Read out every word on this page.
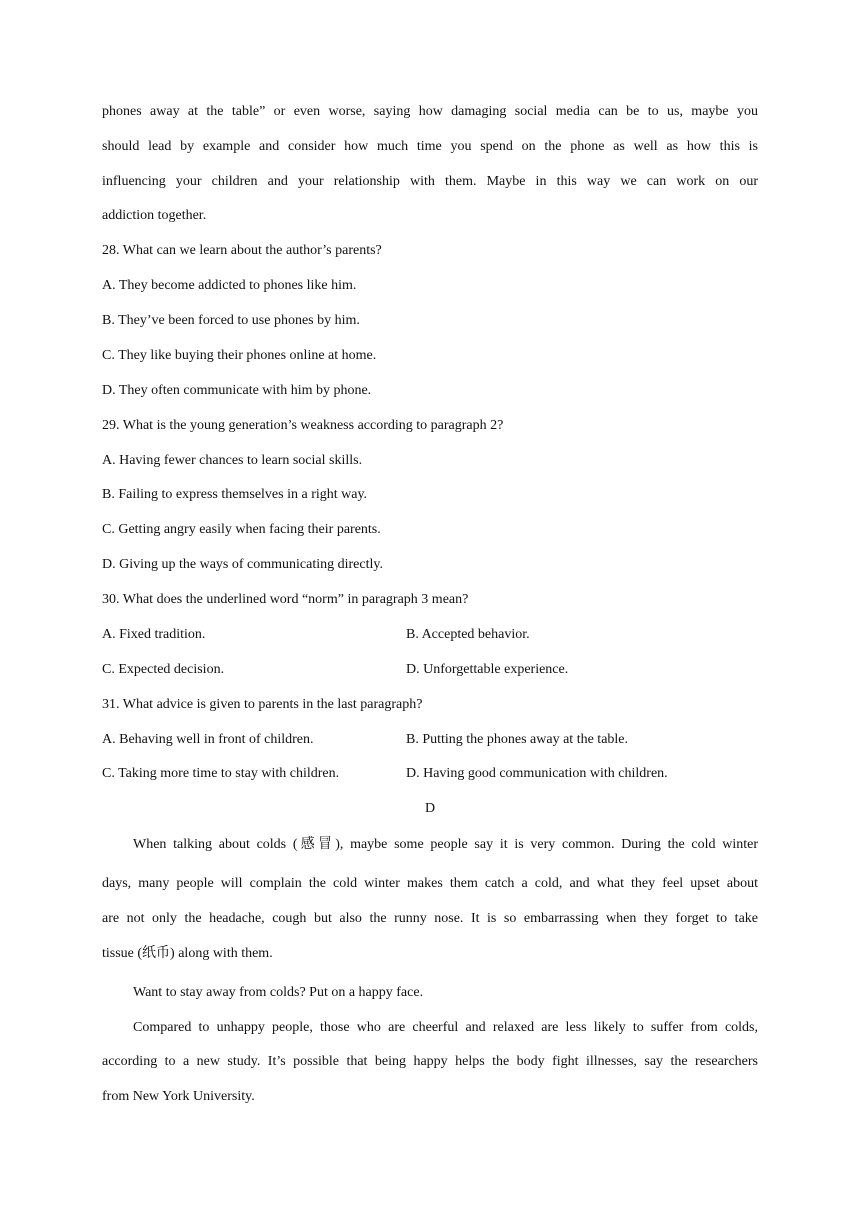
phones away at the table” or even worse, saying how damaging social media can be to us, maybe you
should lead by example and consider how much time you spend on the phone as well as how this is
influencing your children and your relationship with them. Maybe in this way we can work on our
addiction together.
28. What can we learn about the author’s parents?
A. They become addicted to phones like him.
B. They’ve been forced to use phones by him.
C. They like buying their phones online at home.
D. They often communicate with him by phone.
29. What is the young generation’s weakness according to paragraph 2?
A. Having fewer chances to learn social skills.
B. Failing to express themselves in a right way.
C. Getting angry easily when facing their parents.
D. Giving up the ways of communicating directly.
30. What does the underlined word “norm” in paragraph 3 mean?
A. Fixed tradition.	B. Accepted behavior.
C. Expected decision.	D. Unforgettable experience.
31. What advice is given to parents in the last paragraph?
A. Behaving well in front of children.	B. Putting the phones away at the table.
C. Taking more time to stay with children.	D. Having good communication with children.
D
When talking about colds (感冒), maybe some people say it is very common. During the cold winter
days, many people will complain the cold winter makes them catch a cold, and what they feel upset about
are not only the headache, cough but also the runny nose. It is so embarrassing when they forget to take
tissue (纸币) along with them.
Want to stay away from colds? Put on a happy face.
Compared to unhappy people, those who are cheerful and relaxed are less likely to suffer from colds,
according to a new study. It’s possible that being happy helps the body fight illnesses, say the researchers
from New York University.
